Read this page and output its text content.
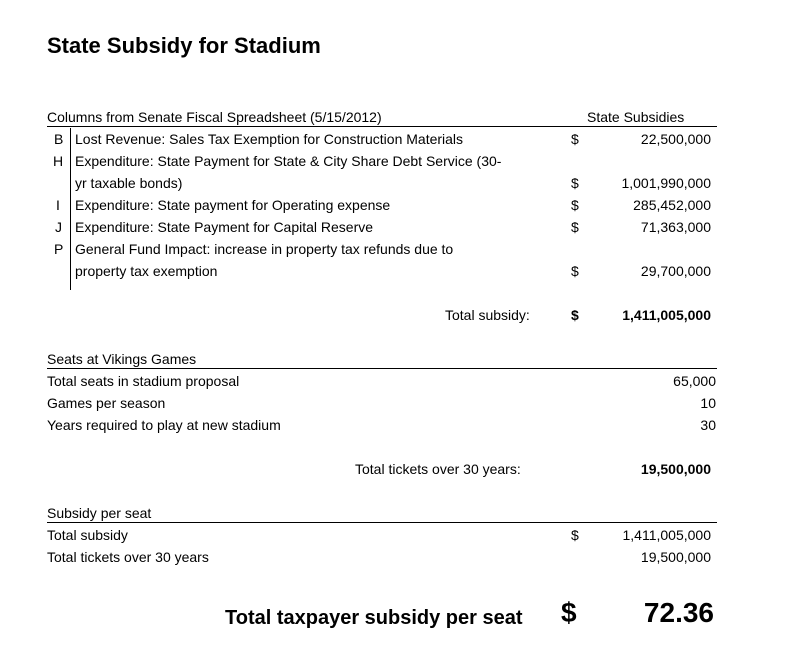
State Subsidy for Stadium
Columns from Senate Fiscal Spreadsheet (5/15/2012)	State Subsidies
B Lost Revenue: Sales Tax Exemption for Construction Materials	$	22,500,000
H Expenditure: State Payment for State & City Share Debt Service (30-
yr taxable bonds)	$	1,001,990,000
I Expenditure: State payment for Operating expense	$	285,452,000
J Expenditure: State Payment for Capital Reserve	$	71,363,000
P General Fund Impact: increase in property tax refunds due to
property tax exemption	$	29,700,000
Total subsidy:	$	1,411,005,000
Seats at Vikings Games
Total seats in stadium proposal	65,000
Games per season	10
Years required to play at new stadium	30
Total tickets over 30 years:	19,500,000
Subsidy per seat
Total subsidy	$	1,411,005,000
Total tickets over 30 years	19,500,000
Total taxpayer subsidy per seat $	72.36
